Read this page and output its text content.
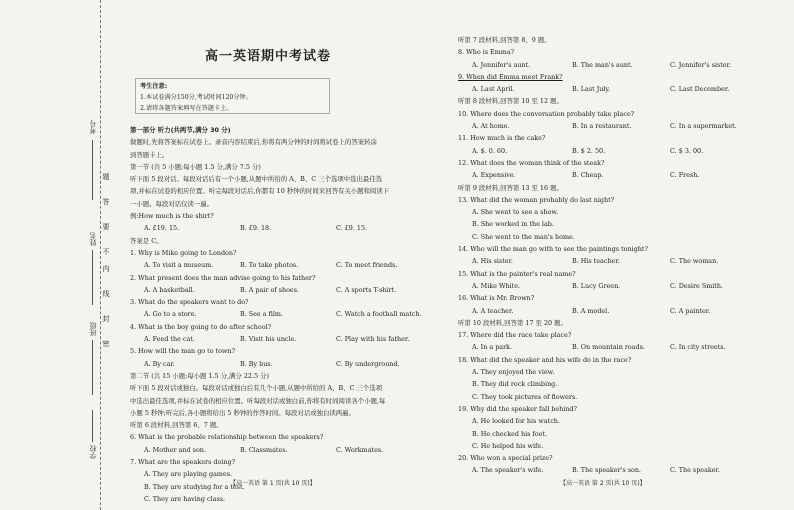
考号
姓名
班级
学校
题
答
要
不
内
线
封
密
高一英语期中考试卷
考生注意:
1.本试卷满分150分,考试时间120分钟。
2.请将各题答案填写在答题卡上。

第一部分 听力(共两节,满分 30 分)

做题时,先将答案标在试卷上。录音内容结束后,你将有两分钟的时间将试卷上的答案转涂

到答题卡上。

第一节 (共 5 小题;每小题 1.5 分,满分 7.5 分)

听下面 5 段对话。每段对话后有一个小题,从题中所给的 A、B、C 三个选项中选出最佳选

项,并标在试卷的相应位置。听完每段对话后,你都有 10 秒钟的时间来回答有关小题和阅读下

一小题。每段对话仅读一遍。

例:How much is the shirt?

A. £19. 15.	B. £9. 18.	C. £9. 15.

答案是 C。

1. Why is Mike going to London?

A. To visit a museum.	B. To take photos.	C. To meet friends.

2. What present does the man advise going to his father?

A. A basketball.	B. A pair of shoes.	C. A sports T-shirt.

3. What do the speakers want to do?

A. Go to a store.	B. See a film.	C. Watch a football match.

4. What is the boy going to do after school?

A. Feed the cat.	B. Visit his uncle.	C. Play with his father.

5. How will the man go to town?

A. By car.	B. By bus.	C. By underground.

第二节 (共 15 小题;每小题 1.5 分,满分 22.5 分)

听下面 5 段对话或独白。每段对话或独白后有几个小题,从题中所给的 A、B、C 三个选项

中选出最佳选项,并标在试卷的相应位置。听每段对话或独白前,你将有时间阅读各个小题,每

小题 5 秒钟;听完后,各小题将给出 5 秒钟的作答时间。每段对话或独白读两遍。

听第 6 段材料,回答第 6、7 题。

6. What is the probable relationship between the speakers?

A. Mother and son.	B. Classmates.	C. Workmates.

7. What are the speakers doing?

A. They are playing games.

B. They are studying for a test.

C. They are having class.

【高一英语 第 1 页(共 10 页)】

听第 7 段材料,回答第 8、9 题。

8. Who is Emma?

A. Jennifer's aunt.	B. The man's aunt.	C. Jennifer's sister.

9. When did Emma meet Frank?

A. Last April.	B. Last July.	C. Last December.

听第 8 段材料,回答第 10 至 12 题。

10. Where does the conversation probably take place?

A. At home.	B. In a restaurant.	C. In a supermarket.

11. How much is the cake?

A. $. 0. 60.	B. $ 2. 50.	C. $ 3. 00.

12. What does the woman think of the steak?

A. Expensive.	B. Cheap.	C. Fresh.

听第 9 段材料,回答第 13 至 16 题。

13. What did the woman probably do last night?

A. She went to see a show.

B. She worked in the lab.

C. She went to the man's home.

14. Who will the man go with to see the paintings tonight?

A. His sister.	B. His teacher.	C. The woman.

15. What is the painter's real name?

A. Mike White.	B. Lucy Green.	C. Desire Smith.

16. What is Mr. Brown?

A. A teacher.	B. A model.	C. A painter.

听第 10 段材料,回答第 17 至 20 题。

17. Where did the race take place?

A. In a park.	B. On mountain roads.	C. In city streets.

18. What did the speaker and his wife do in the race?

A. They enjoyed the view.

B. They did rock climbing.

C. They took pictures of flowers.

19. Why did the speaker fall behind?

A. He looked for his watch.

B. He checked his foot.

C. He helped his wife.

20. Who won a special prize?

A. The speaker's wife.	B. The speaker's son.	C. The speaker.
【高一英语 第 2 页(共 10 页)】
